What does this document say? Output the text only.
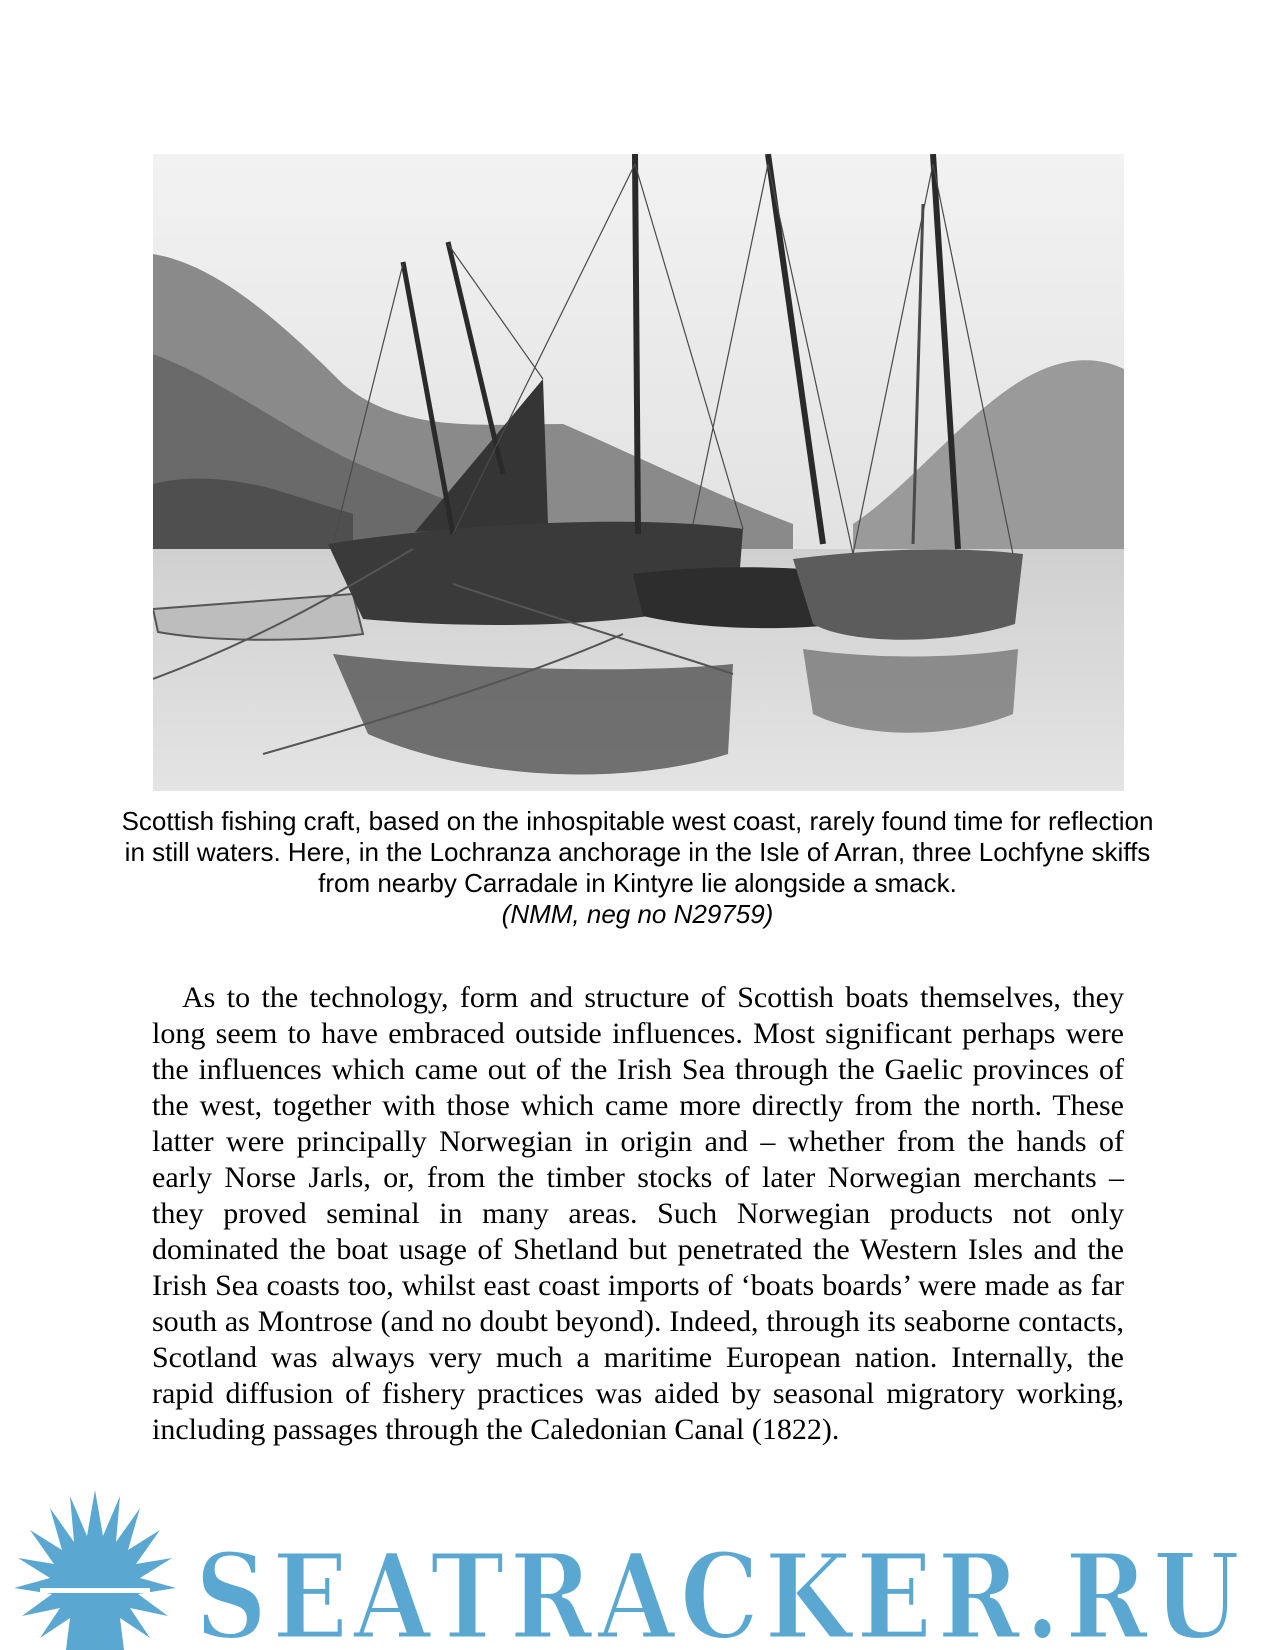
Scottish fishing craft, based on the inhospitable west coast, rarely found time for reflection in still waters. Here, in the Lochranza anchorage in the Isle of Arran, three Lochfyne skiffs from nearby Carradale in Kintyre lie alongside a smack.
(NMM, neg no N29759)

As to the technology, form and structure of Scottish boats themselves, they long seem to have embraced outside influences. Most significant perhaps were the influences which came out of the Irish Sea through the Gaelic provinces of the west, together with those which came more directly from the north. These latter were principally Norwegian in origin and – whether from the hands of early Norse Jarls, or, from the timber stocks of later Norwegian merchants – they proved seminal in many areas. Such Norwegian products not only dominated the boat usage of Shetland but penetrated the Western Isles and the Irish Sea coasts too, whilst east coast imports of ‘boats boards’ were made as far south as Montrose (and no doubt beyond). Indeed, through its seaborne contacts, Scotland was always very much a maritime European nation. Internally, the rapid diffusion of fishery practices was aided by seasonal migratory working, including passages through the Caledonian Canal (1822).

SEATRACKER.RU
